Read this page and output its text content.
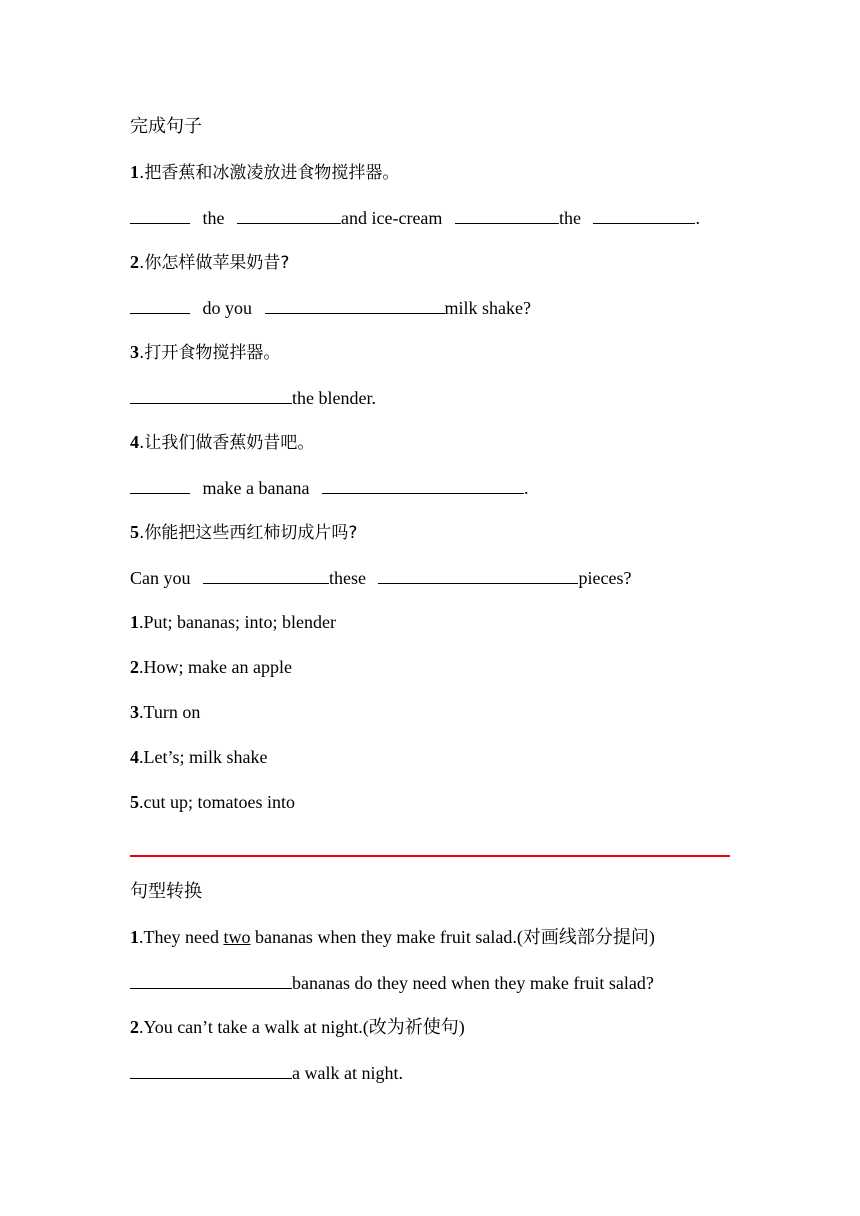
完成句子
1.把香蕉和冰激凌放进食物搅拌器。
the	and ice-cream	the	.
2.你怎样做苹果奶昔?
do you	milk shake?
3.打开食物搅拌器。
the blender.
4.让我们做香蕉奶昔吧。
make a banana	.
5.你能把这些西红柿切成片吗?
Can you	these	pieces?
1.Put; bananas; into; blender
2.How; make an apple
3.Turn on
4.Let’s; milk shake
5.cut up; tomatoes into
句型转换
1.They need two bananas when they make fruit salad.(对画线部分提问)
bananas do they need when they make fruit salad?
2.You can’t take a walk at night.(改为祈使句)
a walk at night.
